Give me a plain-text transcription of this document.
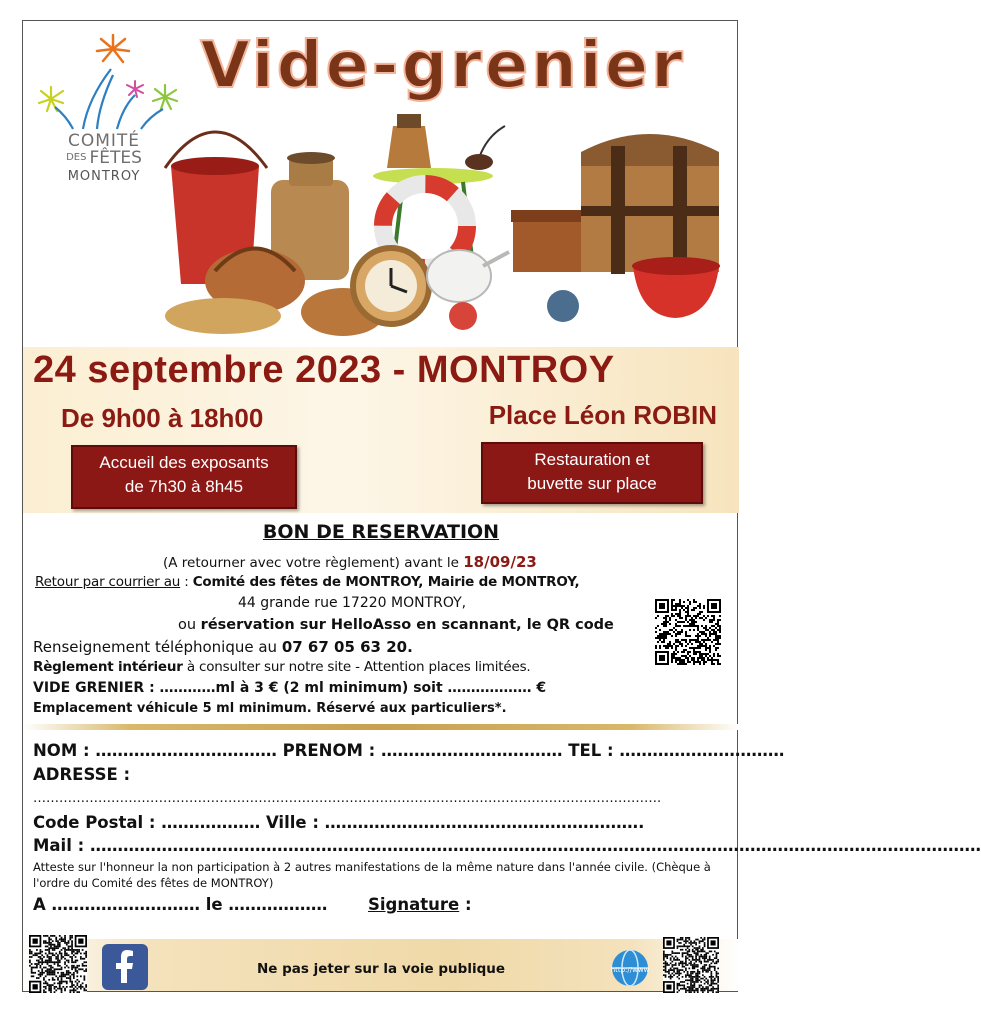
COMITÉ
DES FÊTES
MONTROY
Vide-grenier
24 septembre 2023 - MONTROY
De 9h00 à 18h00	Place Léon ROBIN
Accueil des exposants
de 7h30 à 8h45
Restauration et
buvette sur place
BON DE RESERVATION
(A retourner avec votre règlement) avant le 18/09/23
Retour par courrier au : Comité des fêtes de MONTROY, Mairie de MONTROY,
44 grande rue 17220 MONTROY,
ou réservation sur HelloAsso en scannant, le QR code
Renseignement téléphonique au 07 67 05 63 20.
Règlement intérieur à consulter sur notre site - Attention places limitées.
VIDE GRENIER : …………ml à 3 € (2 ml minimum) soit ……………… €
Emplacement véhicule 5 ml minimum. Réservé aux particuliers*.
NOM : …………………………… PRENOM : …………………………… TEL : …………………………
ADRESSE :
……………………………………………………………………………………………………………………………….
Code Postal : ……………… Ville : ………………………………………………….
Mail : ………………………………………………………………………………………………………………………………………………
Atteste sur l'honneur la non participation à 2 autres manifestations de la même nature dans l'année civile. (Chèque à l'ordre du Comité des fêtes de MONTROY)
A ……………………… le ……………… Signature :
Ne pas jeter sur la voie publique	http://www
